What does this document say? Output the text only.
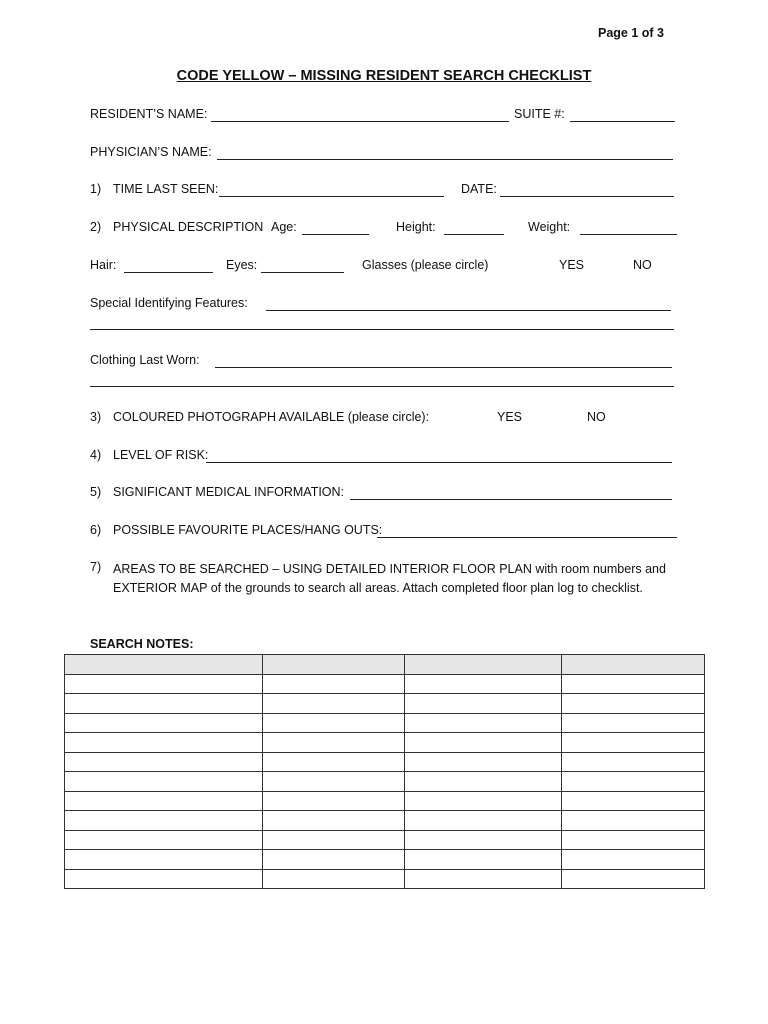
Page 1 of 3
CODE YELLOW – MISSING RESIDENT SEARCH CHECKLIST
RESIDENT’S NAME:	SUITE #:
PHYSICIAN’S NAME:
1) TIME LAST SEEN:	DATE:
2) PHYSICAL DESCRIPTION Age:	Height:	Weight:
Hair:	Eyes:	Glasses (please circle)	YES	NO
Special Identifying Features:
Clothing Last Worn:
3) COLOURED PHOTOGRAPH AVAILABLE (please circle):	YES	NO
4) LEVEL OF RISK:
5) SIGNIFICANT MEDICAL INFORMATION:
6) POSSIBLE FAVOURITE PLACES/HANG OUTS:
7) AREAS TO BE SEARCHED – USING DETAILED INTERIOR FLOOR PLAN with room numbers and EXTERIOR MAP of the grounds to search all areas. Attach completed floor plan log to checklist.
SEARCH NOTES:
